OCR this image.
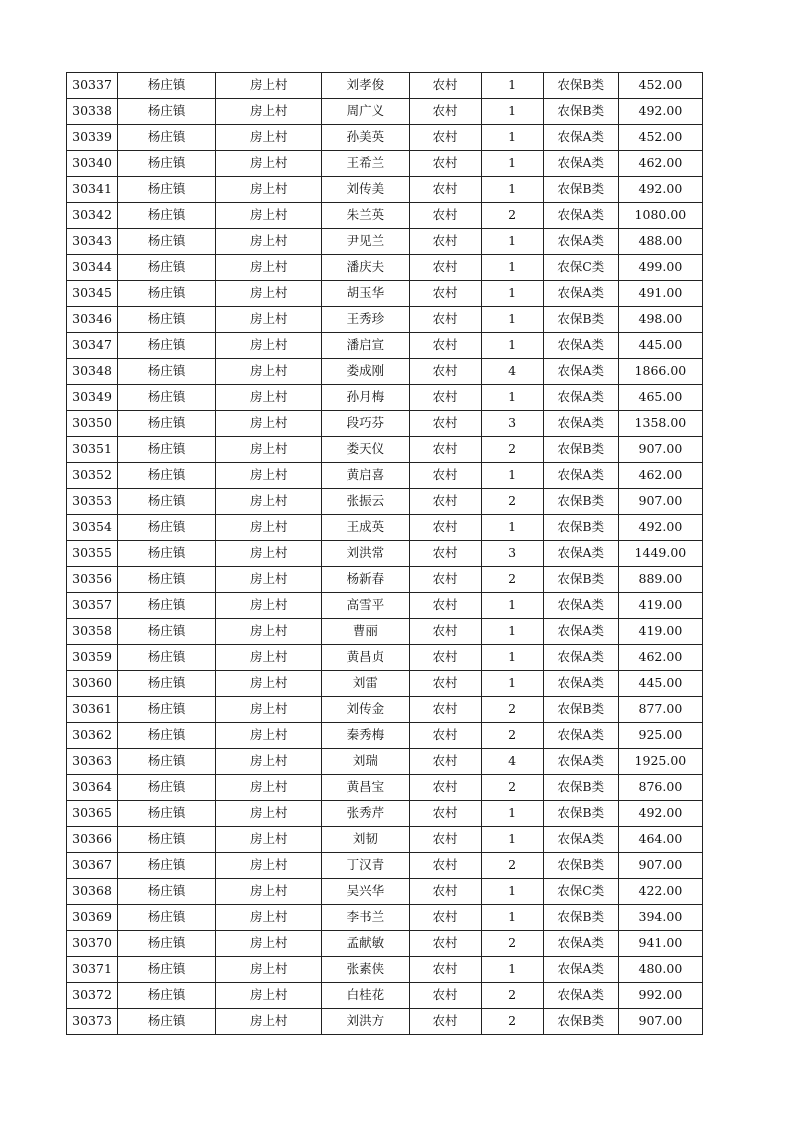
30337	杨庄镇	房上村	刘孝俊	农村	1	农保B类	452.00
30338	杨庄镇	房上村	周广义	农村	1	农保B类	492.00
30339	杨庄镇	房上村	孙美英	农村	1	农保A类	452.00
30340	杨庄镇	房上村	王希兰	农村	1	农保A类	462.00
30341	杨庄镇	房上村	刘传美	农村	1	农保B类	492.00
30342	杨庄镇	房上村	朱兰英	农村	2	农保A类	1080.00
30343	杨庄镇	房上村	尹见兰	农村	1	农保A类	488.00
30344	杨庄镇	房上村	潘庆夫	农村	1	农保C类	499.00
30345	杨庄镇	房上村	胡玉华	农村	1	农保A类	491.00
30346	杨庄镇	房上村	王秀珍	农村	1	农保B类	498.00
30347	杨庄镇	房上村	潘启宣	农村	1	农保A类	445.00
30348	杨庄镇	房上村	娄成刚	农村	4	农保A类	1866.00
30349	杨庄镇	房上村	孙月梅	农村	1	农保A类	465.00
30350	杨庄镇	房上村	段巧芬	农村	3	农保A类	1358.00
30351	杨庄镇	房上村	娄天仪	农村	2	农保B类	907.00
30352	杨庄镇	房上村	黄启喜	农村	1	农保A类	462.00
30353	杨庄镇	房上村	张振云	农村	2	农保B类	907.00
30354	杨庄镇	房上村	王成英	农村	1	农保B类	492.00
30355	杨庄镇	房上村	刘洪常	农村	3	农保A类	1449.00
30356	杨庄镇	房上村	杨新春	农村	2	农保B类	889.00
30357	杨庄镇	房上村	高雪平	农村	1	农保A类	419.00
30358	杨庄镇	房上村	曹丽	农村	1	农保A类	419.00
30359	杨庄镇	房上村	黄昌贞	农村	1	农保A类	462.00
30360	杨庄镇	房上村	刘雷	农村	1	农保A类	445.00
30361	杨庄镇	房上村	刘传金	农村	2	农保B类	877.00
30362	杨庄镇	房上村	秦秀梅	农村	2	农保A类	925.00
30363	杨庄镇	房上村	刘瑞	农村	4	农保A类	1925.00
30364	杨庄镇	房上村	黄昌宝	农村	2	农保B类	876.00
30365	杨庄镇	房上村	张秀芹	农村	1	农保B类	492.00
30366	杨庄镇	房上村	刘韧	农村	1	农保A类	464.00
30367	杨庄镇	房上村	丁汉青	农村	2	农保B类	907.00
30368	杨庄镇	房上村	吴兴华	农村	1	农保C类	422.00
30369	杨庄镇	房上村	李书兰	农村	1	农保B类	394.00
30370	杨庄镇	房上村	孟献敏	农村	2	农保A类	941.00
30371	杨庄镇	房上村	张素侠	农村	1	农保A类	480.00
30372	杨庄镇	房上村	白桂花	农村	2	农保A类	992.00
30373	杨庄镇	房上村	刘洪方	农村	2	农保B类	907.00
